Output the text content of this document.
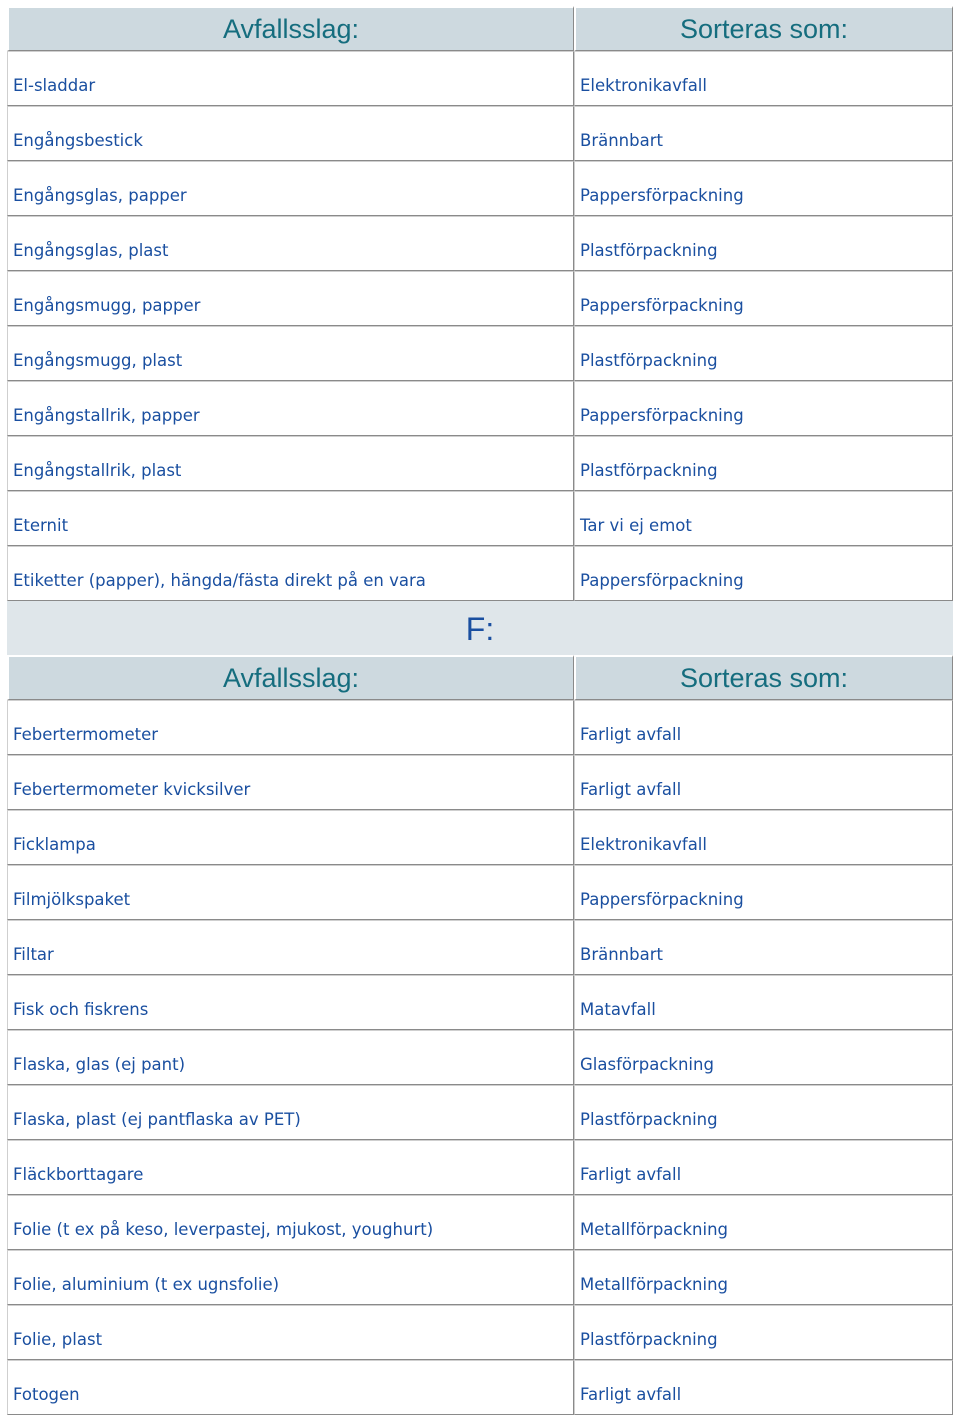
Avfallsslag:	Sorteras som:
El-sladdar	Elektronikavfall
Engångsbestick	Brännbart
Engångsglas, papper	Pappersförpackning
Engångsglas, plast	Plastförpackning
Engångsmugg, papper	Pappersförpackning
Engångsmugg, plast	Plastförpackning
Engångstallrik, papper	Pappersförpackning
Engångstallrik, plast	Plastförpackning
Eternit	Tar vi ej emot
Etiketter (papper), hängda/fästa direkt på en vara	Pappersförpackning
F:	
Avfallsslag:	Sorteras som:
Febertermometer	Farligt avfall
Febertermometer kvicksilver	Farligt avfall
Ficklampa	Elektronikavfall
Filmjölkspaket	Pappersförpackning
Filtar	Brännbart
Fisk och fiskrens	Matavfall
Flaska, glas (ej pant)	Glasförpackning
Flaska, plast (ej pantflaska av PET)	Plastförpackning
Fläckborttagare	Farligt avfall
Folie (t ex på keso, leverpastej, mjukost, youghurt)	Metallförpackning
Folie, aluminium (t ex ugnsfolie)	Metallförpackning
Folie, plast	Plastförpackning
Fotogen	Farligt avfall
